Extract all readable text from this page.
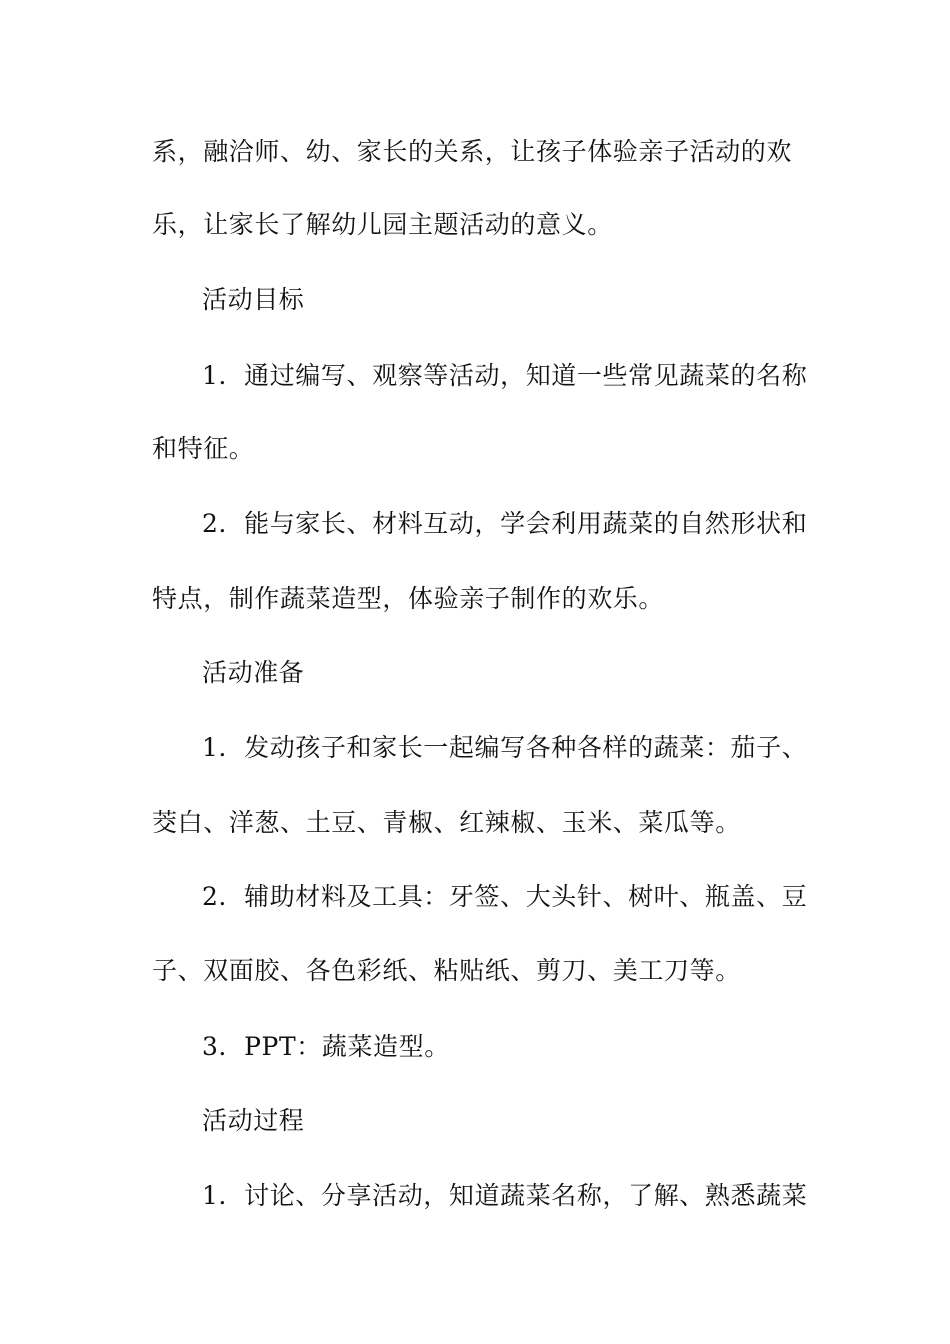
系，融洽师、幼、家长的关系，让孩子体验亲子活动的欢
乐，让家长了解幼儿园主题活动的意义。
活动目标
1．通过编写、观察等活动，知道一些常见蔬菜的名称
和特征。
2．能与家长、材料互动，学会利用蔬菜的自然形状和
特点，制作蔬菜造型，体验亲子制作的欢乐。
活动准备
1．发动孩子和家长一起编写各种各样的蔬菜：茄子、
茭白、洋葱、土豆、青椒、红辣椒、玉米、菜瓜等。
2．辅助材料及工具：牙签、大头针、树叶、瓶盖、豆
子、双面胶、各色彩纸、粘贴纸、剪刀、美工刀等。
3．PPT：蔬菜造型。
活动过程
1．讨论、分享活动，知道蔬菜名称，了解、熟悉蔬菜
